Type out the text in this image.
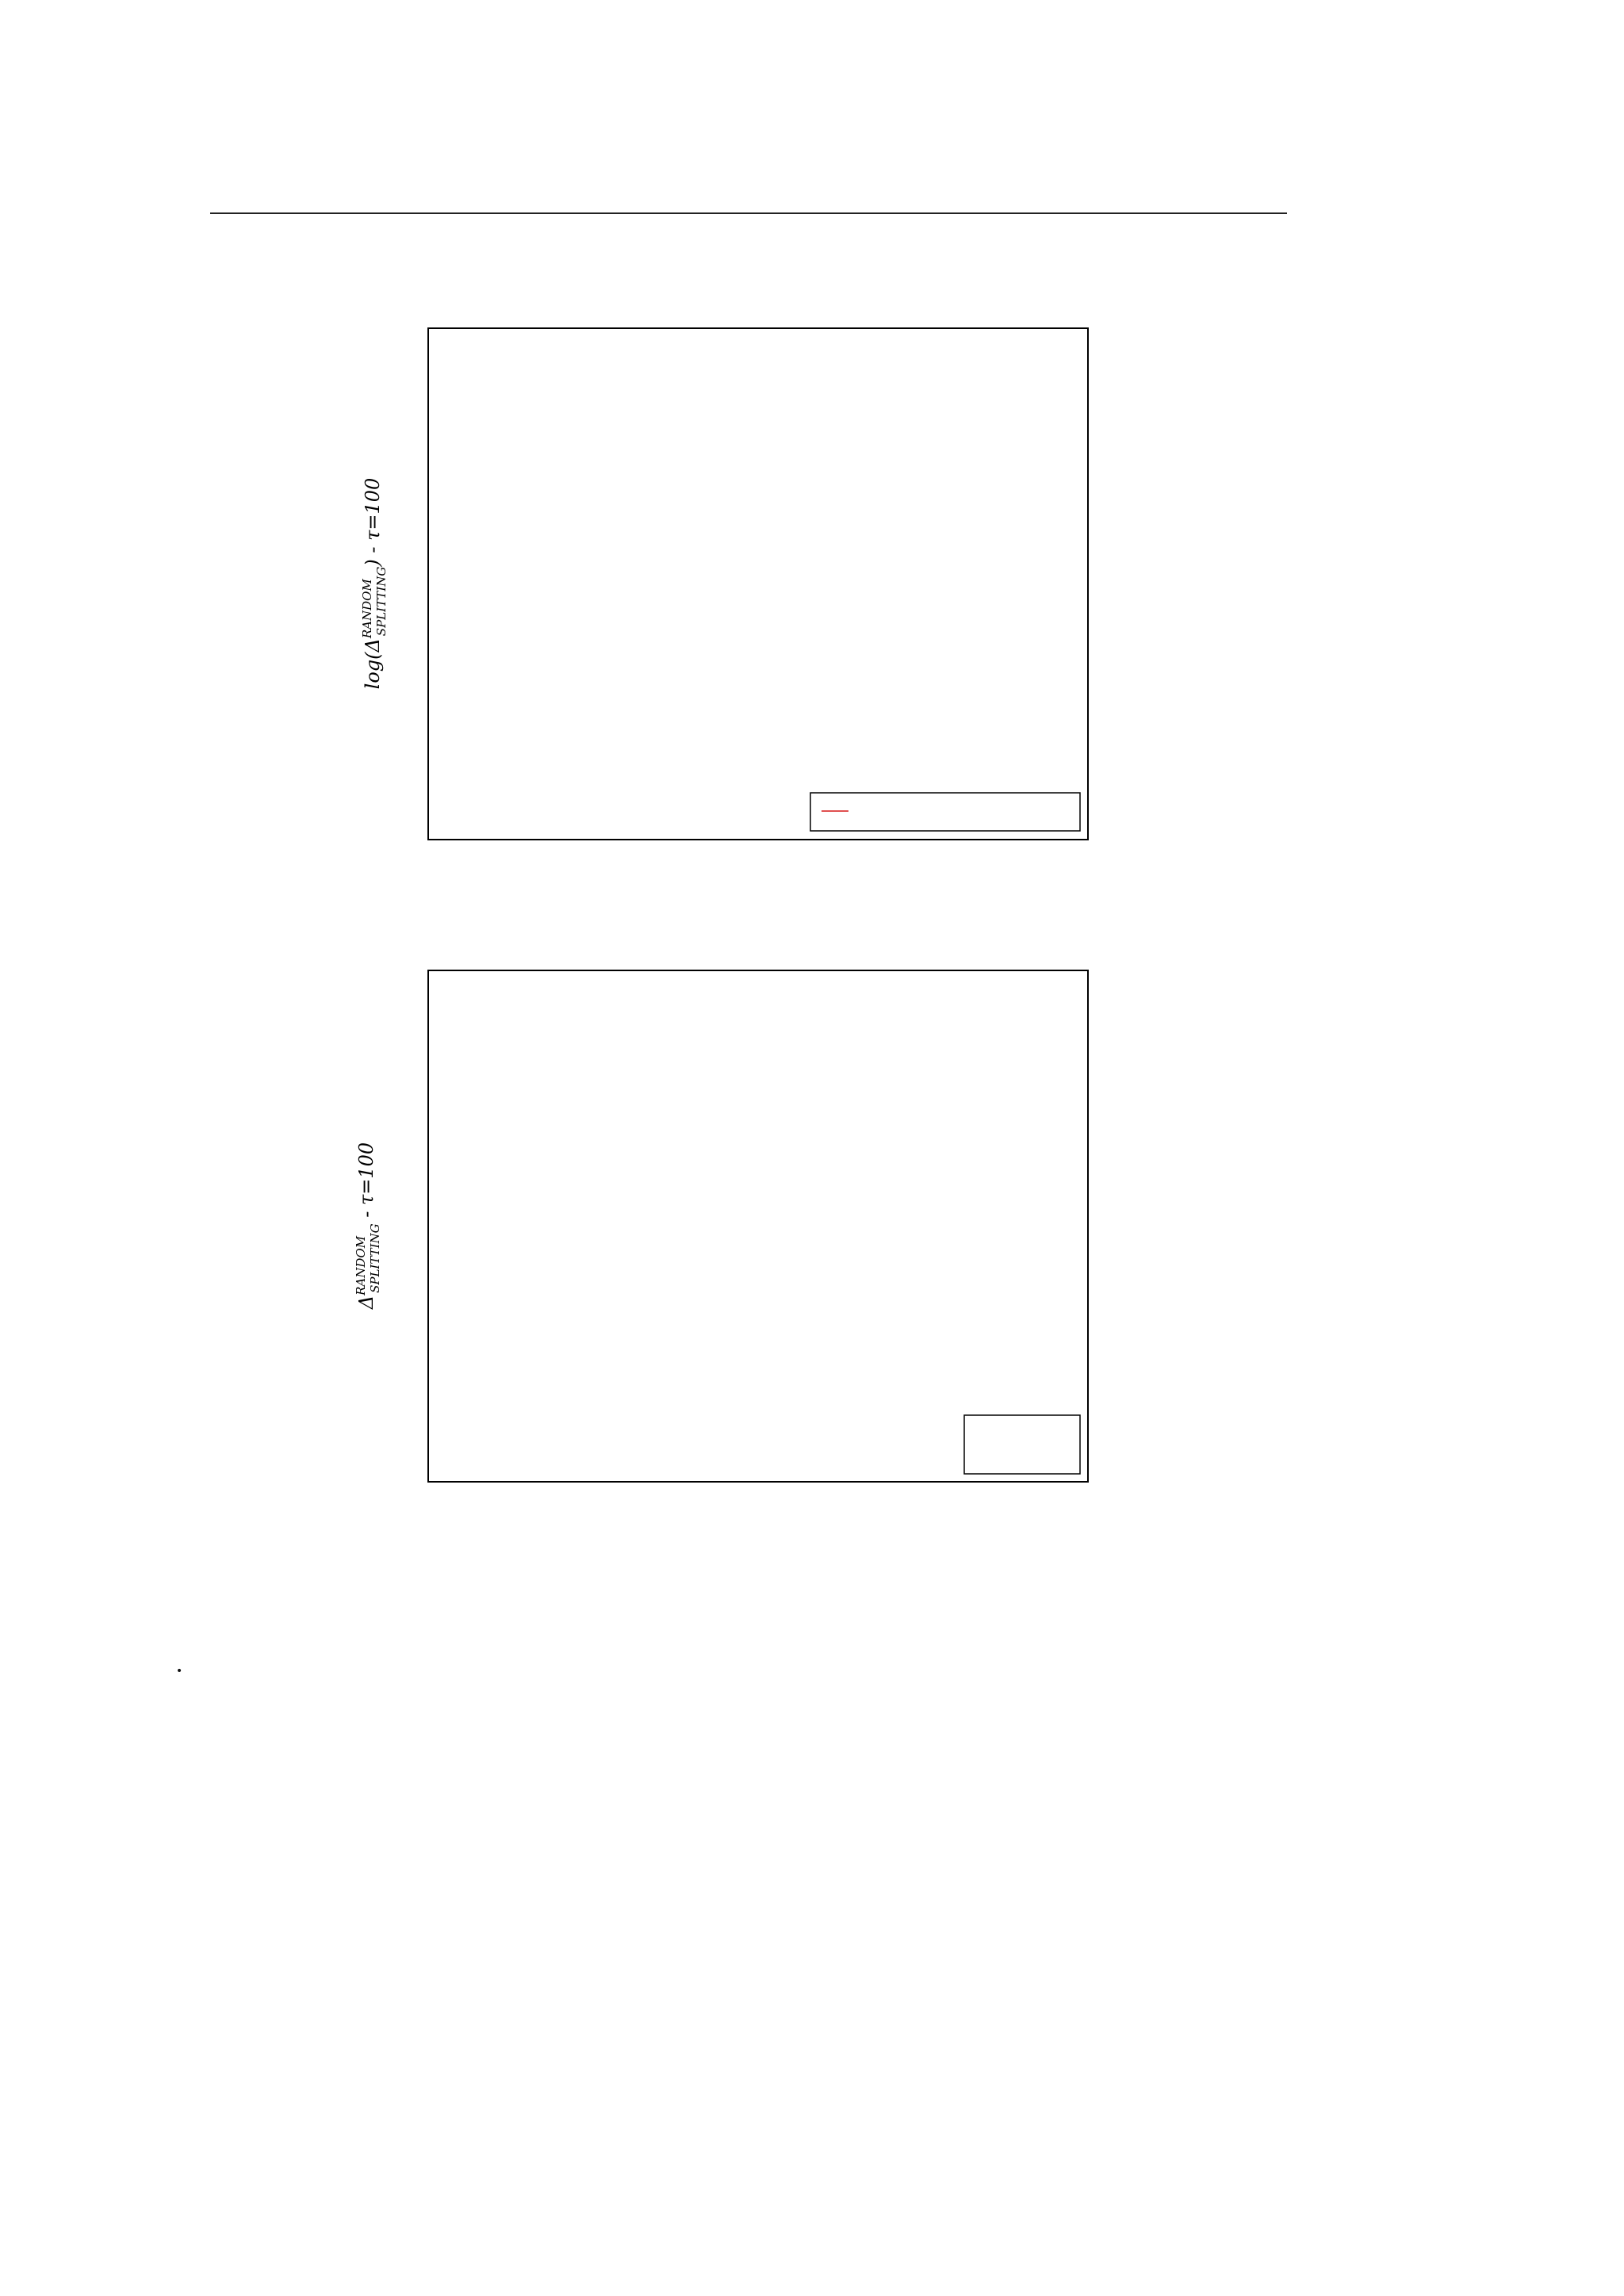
$\log(\Delta^{RANDOM}SPLITTING) - \tau=100$
$\Delta^{RANDOM}SPLITTING - \tau=100$

.
